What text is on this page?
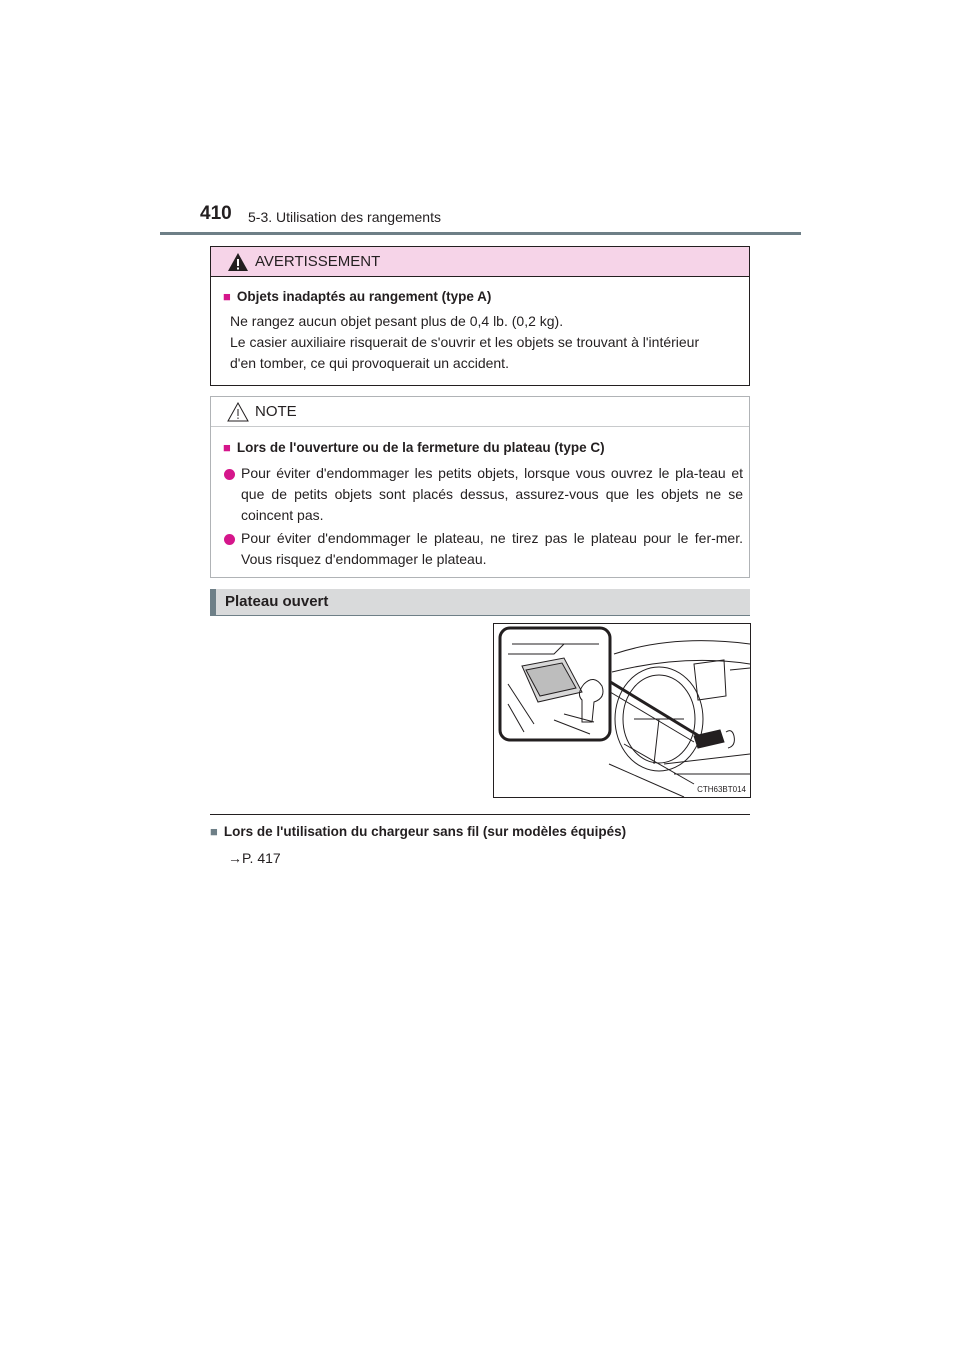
410 5-3. Utilisation des rangements
AVERTISSEMENT
■ Objets inadaptés au rangement (type A)
Ne rangez aucun objet pesant plus de 0,4 lb. (0,2 kg).
Le casier auxiliaire risquerait de s'ouvrir et les objets se trouvant à l'intérieur
d'en tomber, ce qui provoquerait un accident.
NOTE
■ Lors de l'ouverture ou de la fermeture du plateau (type C)
Pour éviter d'endommager les petits objets, lorsque vous ouvrez le pla-teau et que de petits objets sont placés dessus, assurez-vous que les objets ne se coincent pas.
Pour éviter d'endommager le plateau, ne tirez pas le plateau pour le fer-mer. Vous risquez d'endommager le plateau.
Plateau ouvert
CTH63BT014
■ Lors de l'utilisation du chargeur sans fil (sur modèles équipés)
→P. 417
